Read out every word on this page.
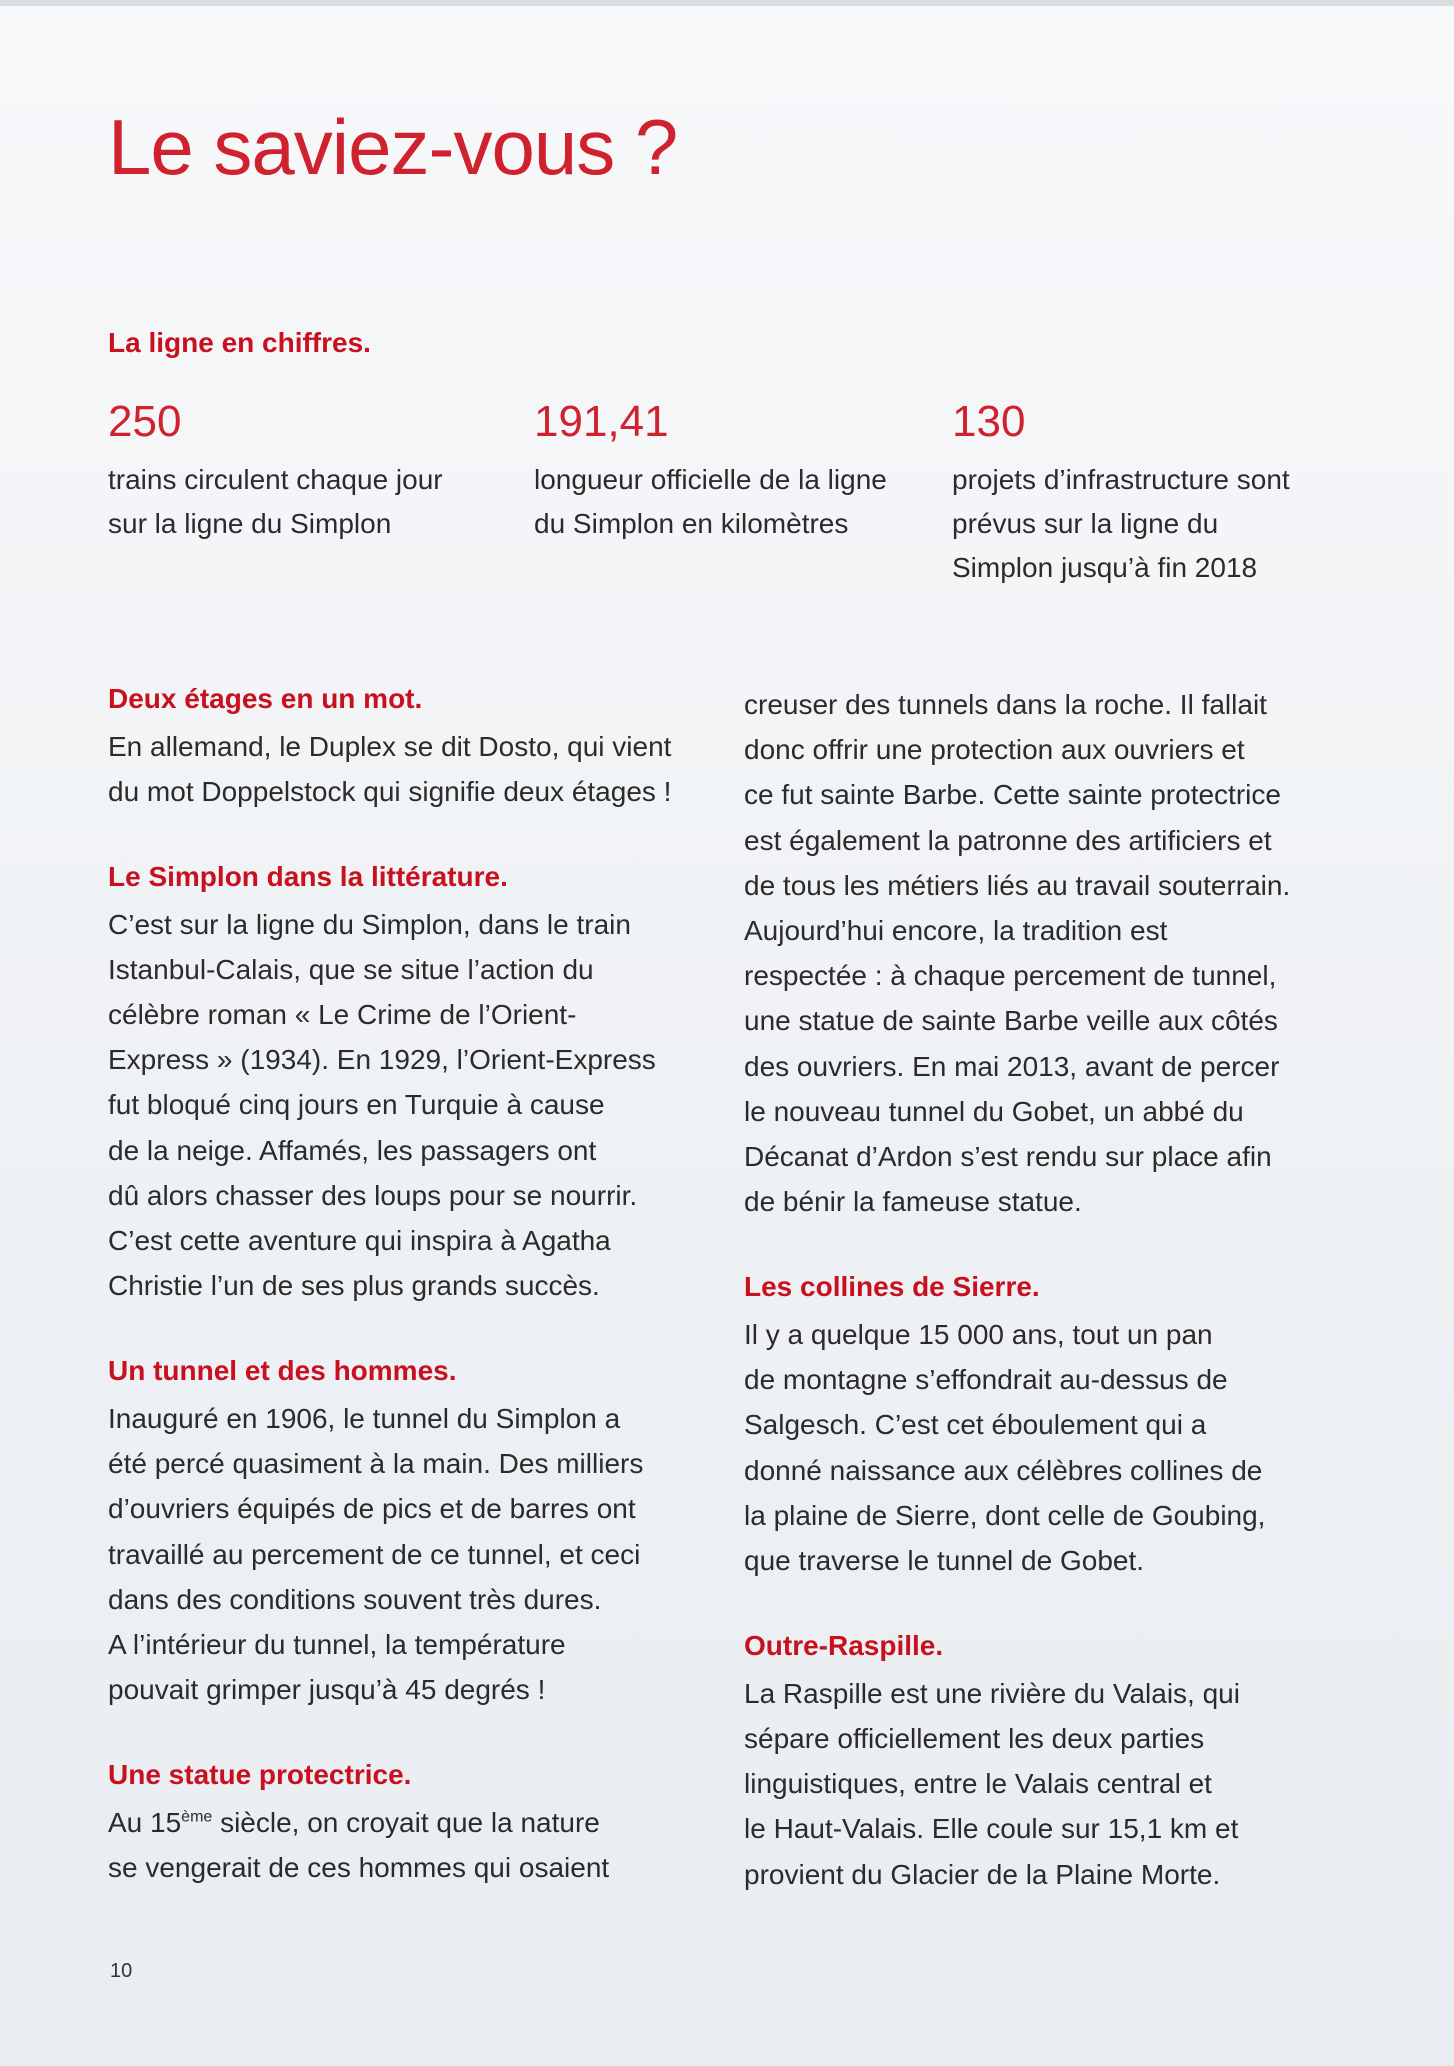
Le saviez-vous ?
La ligne en chiffres.
250
trains circulent chaque jour
sur la ligne du Simplon
191,41
longueur officielle de la ligne
du Simplon en kilomètres
130
projets d’infrastructure sont
prévus sur la ligne du
Simplon jusqu’à fin 2018
Deux étages en un mot.

En allemand, le Duplex se dit Dosto, qui vient
du mot Doppelstock qui signifie deux étages !

Le Simplon dans la littérature.

C’est sur la ligne du Simplon, dans le train
Istanbul-Calais, que se situe l’action du
célèbre roman « Le Crime de l’Orient-
Express » (1934). En 1929, l’Orient-Express
fut bloqué cinq jours en Turquie à cause
de la neige. Affamés, les passagers ont
dû alors chasser des loups pour se nourrir.
C’est cette aventure qui inspira à Agatha
Christie l’un de ses plus grands succès.

Un tunnel et des hommes.

Inauguré en 1906, le tunnel du Simplon a
été percé quasiment à la main. Des milliers
d’ouvriers équipés de pics et de barres ont
travaillé au percement de ce tunnel, et ceci
dans des conditions souvent très dures.
A l’intérieur du tunnel, la température
pouvait grimper jusqu’à 45 degrés !

Une statue protectrice.

Au 15ème siècle, on croyait que la nature
se vengerait de ces hommes qui osaient

creuser des tunnels dans la roche. Il fallait
donc offrir une protection aux ouvriers et
ce fut sainte Barbe. Cette sainte protectrice
est également la patronne des artificiers et
de tous les métiers liés au travail souterrain.
Aujourd’hui encore, la tradition est
respectée : à chaque percement de tunnel,
une statue de sainte Barbe veille aux côtés
des ouvriers. En mai 2013, avant de percer
le nouveau tunnel du Gobet, un abbé du
Décanat d’Ardon s’est rendu sur place afin
de bénir la fameuse statue.

Les collines de Sierre.

Il y a quelque 15 000 ans, tout un pan
de montagne s’effondrait au-dessus de
Salgesch. C’est cet éboulement qui a
donné naissance aux célèbres collines de
la plaine de Sierre, dont celle de Goubing,
que traverse le tunnel de Gobet.

Outre-Raspille.

La Raspille est une rivière du Valais, qui
sépare officiellement les deux parties
linguistiques, entre le Valais central et
le Haut-Valais. Elle coule sur 15,1 km et
provient du Glacier de la Plaine Morte.

10
